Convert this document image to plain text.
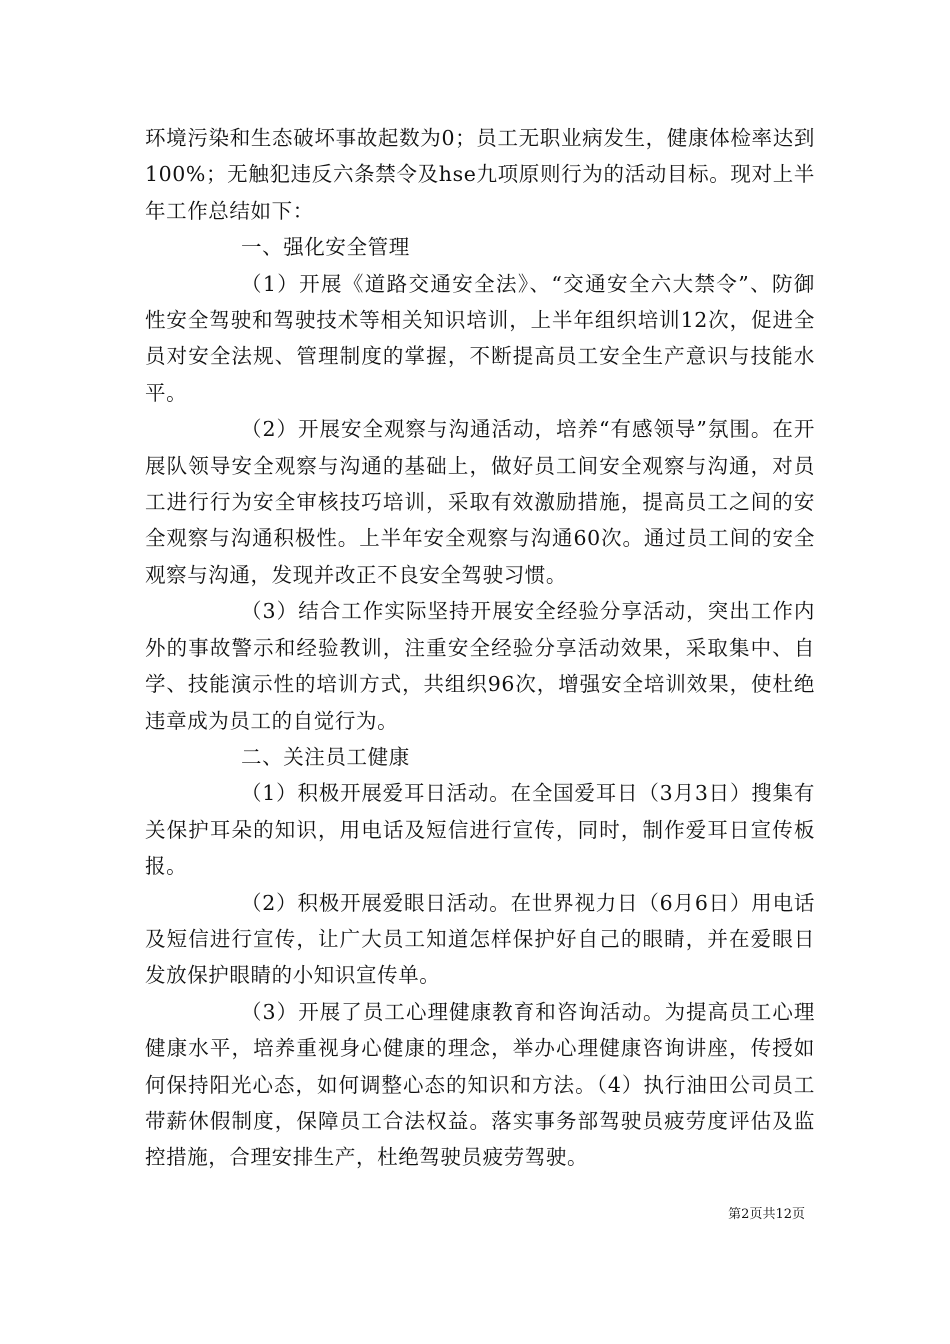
环境污染和生态破坏事故起数为0；员工无职业病发生，健康体检率达到100%；无触犯违反六条禁令及hse九项原则行为的活动目标。现对上半年工作总结如下：

一、强化安全管理

（1）开展《道路交通安全法》、“交通安全六大禁令”、防御性安全驾驶和驾驶技术等相关知识培训，上半年组织培训12次，促进全员对安全法规、管理制度的掌握，不断提高员工安全生产意识与技能水平。

（2）开展安全观察与沟通活动，培养“有感领导”氛围。在开展队领导安全观察与沟通的基础上，做好员工间安全观察与沟通，对员工进行行为安全审核技巧培训，采取有效激励措施，提高员工之间的安全观察与沟通积极性。上半年安全观察与沟通60次。通过员工间的安全观察与沟通，发现并改正不良安全驾驶习惯。

（3）结合工作实际坚持开展安全经验分享活动，突出工作内外的事故警示和经验教训，注重安全经验分享活动效果，采取集中、自学、技能演示性的培训方式，共组织96次，增强安全培训效果，使杜绝违章成为员工的自觉行为。

二、关注员工健康

（1）积极开展爱耳日活动。在全国爱耳日（3月3日）搜集有关保护耳朵的知识，用电话及短信进行宣传，同时，制作爱耳日宣传板报。

（2）积极开展爱眼日活动。在世界视力日（6月6日）用电话及短信进行宣传，让广大员工知道怎样保护好自己的眼睛，并在爱眼日发放保护眼睛的小知识宣传单。

（3）开展了员工心理健康教育和咨询活动。为提高员工心理健康水平，培养重视身心健康的理念，举办心理健康咨询讲座，传授如何保持阳光心态，如何调整心态的知识和方法。（4）执行油田公司员工带薪休假制度，保障员工合法权益。落实事务部驾驶员疲劳度评估及监控措施，合理安排生产，杜绝驾驶员疲劳驾驶。

第2页共12页
